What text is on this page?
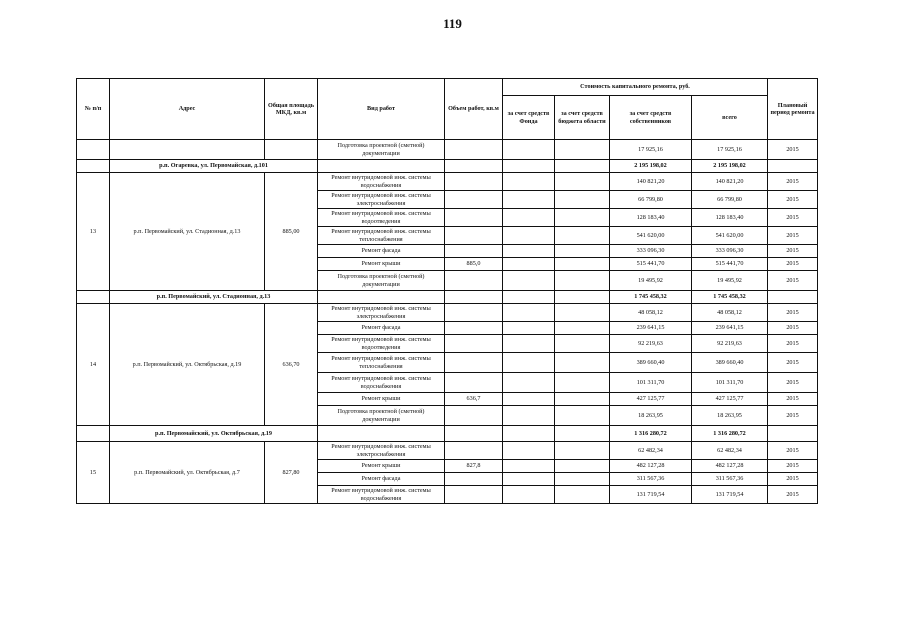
119
№ п/п	Адрес	Общая площадь МКД, кв.м	Вид работ	Объем работ, кв.м	Стоимость капитального ремонта, руб.				Плановый период ремонта
					за счет средств Фонда	за счет средств бюджета области	за счет средств собственников	всего	
			Подготовка проектной (сметной) документации				17 925,16	17 925,16	2015
	р.п. Огаревка, ул. Первомайская, д.101						2 195 198,02	2 195 198,02	
13	р.п. Первомайский, ул. Стадионная, д.13	885,00	Ремонт внутридомовой инж. системы водоснабжения				140 821,20	140 821,20	2015
			Ремонт внутридомовой инж. системы электроснабжения				66 799,80	66 799,80	2015
			Ремонт внутридомовой инж. системы водоотведения				128 183,40	128 183,40	2015
			Ремонт внутридомовой инж. системы теплоснабжения				541 620,00	541 620,00	2015
			Ремонт фасада				333 096,30	333 096,30	2015
			Ремонт крыши	885,0			515 441,70	515 441,70	2015
			Подготовка проектной (сметной) документации				19 495,92	19 495,92	2015
	р.п. Первомайский, ул. Стадионная, д.13						1 745 458,32	1 745 458,32	
14	р.п. Первомайский, ул. Октябрьская, д.19	636,70	Ремонт внутридомовой инж. системы электроснабжения				48 058,12	48 058,12	2015
			Ремонт фасада				239 641,15	239 641,15	2015
			Ремонт внутридомовой инж. системы водоотведения				92 219,63	92 219,63	2015
			Ремонт внутридомовой инж. системы теплоснабжения				389 660,40	389 660,40	2015
			Ремонт внутридомовой инж. системы водоснабжения				101 311,70	101 311,70	2015
			Ремонт крыши	636,7			427 125,77	427 125,77	2015
			Подготовка проектной (сметной) документации				18 263,95	18 263,95	2015
	р.п. Первомайский, ул. Октябрьская, д.19						1 316 280,72	1 316 280,72	
15	р.п. Первомайский, ул. Октябрьская, д.7	827,80	Ремонт внутридомовой инж. системы электроснабжения				62 482,34	62 482,34	2015
			Ремонт крыши	827,8			482 127,28	482 127,28	2015
			Ремонт фасада				311 567,36	311 567,36	2015
			Ремонт внутридомовой инж. системы водоснабжения				131 719,54	131 719,54	2015
